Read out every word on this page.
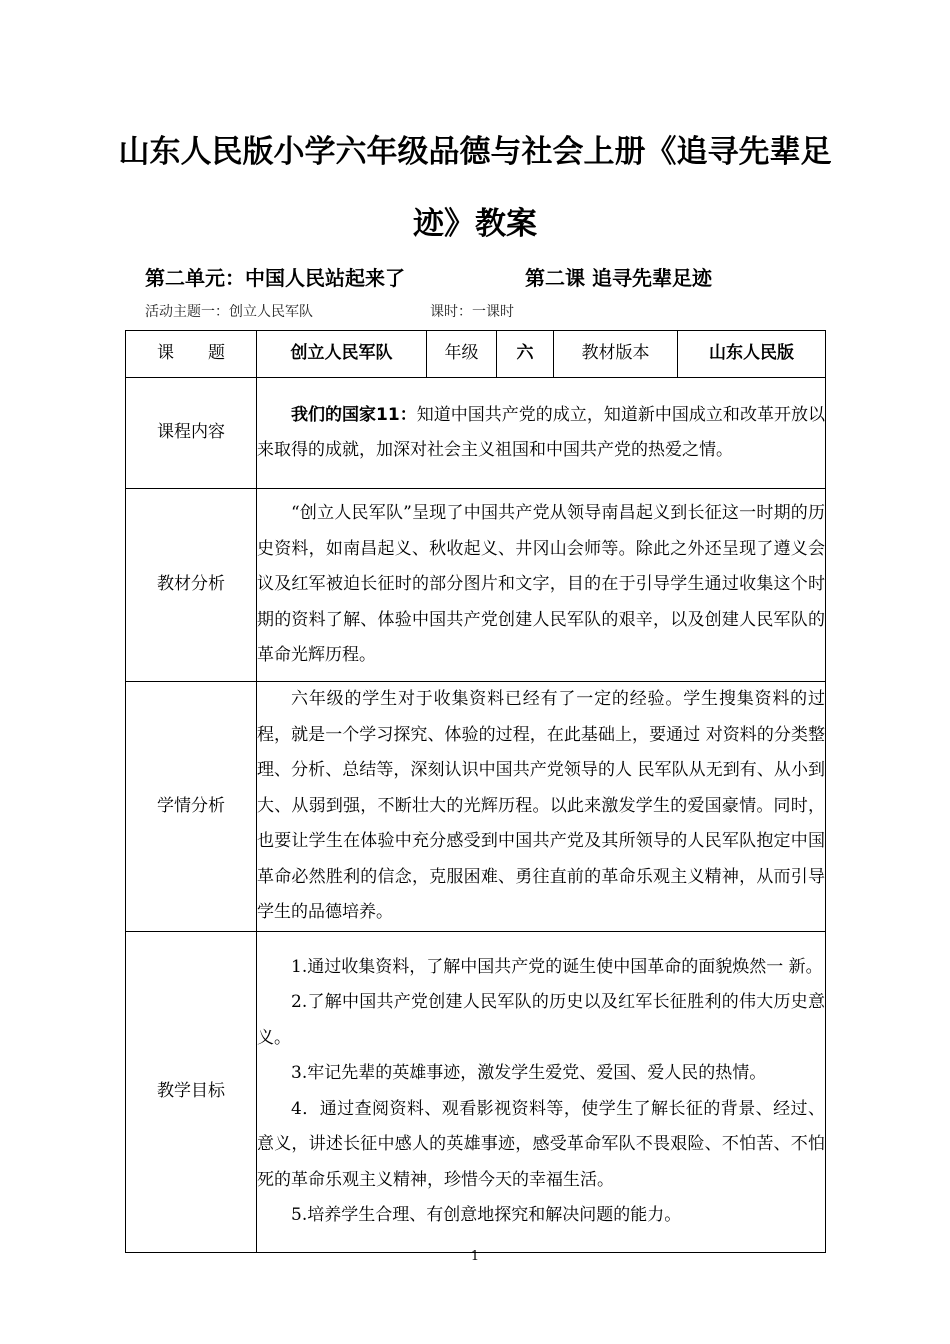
山东人民版小学六年级品德与社会上册《追寻先辈足
迹》教案
第二单元：中国人民站起来了	第二课 追寻先辈足迹
活动主题一：创立人民军队	课时：一课时
课　　题	创立人民军队	年级	六	教材版本	山东人民版
课程内容	我们的国家11：知道中国共产党的成立，知道新中国成立和改革开放以来取得的成就，加深对社会主义祖国和中国共产党的热爱之情。				

教材分析	“创立人民军队”呈现了中国共产党从领导南昌起义到长征这一时期的历史资料，如南昌起义、秋收起义、井冈山会师等。除此之外还呈现了遵义会议及红军被迫长征时的部分图片和文字，目的在于引导学生通过收集这个时期的资料了解、体验中国共产党创建人民军队的艰辛，以及创建人民军队的革命光辉历程。				

学情分析	六年级的学生对于收集资料已经有了一定的经验。学生搜集资料的过程，就是一个学习探究、体验的过程，在此基础上，要通过 对资料的分类整理、分析、总结等，深刻认识中国共产党领导的人 民军队从无到有、从小到大、从弱到强，不断壮大的光辉历程。以此来激发学生的爱国豪情。同时，也要让学生在体验中充分感受到中国共产党及其所领导的人民军队抱定中国革命必然胜利的信念，克服困难、勇往直前的革命乐观主义精神，从而引导学生的品德培养。				

教学目标	1.通过收集资料，了解中国共产党的诞生使中国革命的面貌焕然一 新。

2.了解中国共产党创建人民军队的历史以及红军长征胜利的伟大历史意义。

3.牢记先辈的英雄事迹，激发学生爱党、爱国、爱人民的热情。

4．通过查阅资料、观看影视资料等，使学生了解长征的背景、经过、意义，讲述长征中感人的英雄事迹，感受革命军队不畏艰险、不怕苦、不怕死的革命乐观主义精神，珍惜今天的幸福生活。

5.培养学生合理、有创意地探究和解决问题的能力。				

1
